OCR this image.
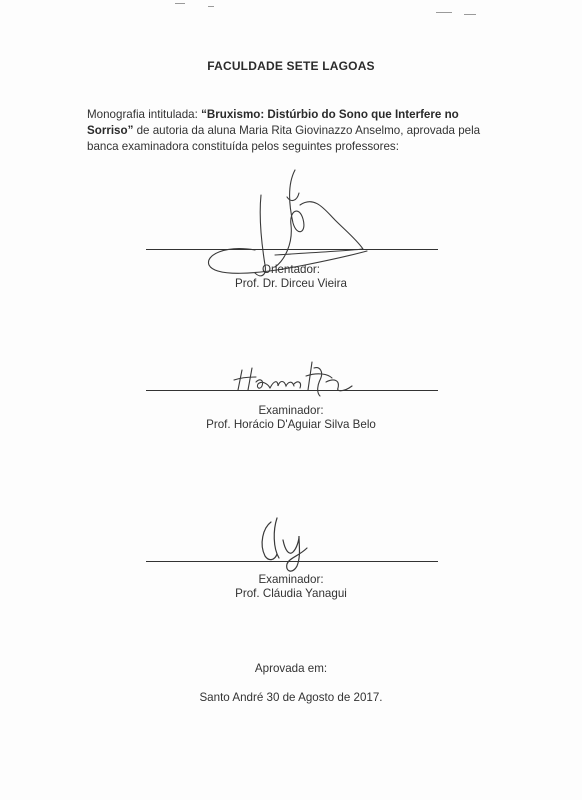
FACULDADE SETE LAGOAS
Monografia intitulada: “Bruxismo: Distúrbio do Sono que Interfere no Sorriso” de autoria da aluna Maria Rita Giovinazzo Anselmo, aprovada pela banca examinadora constituída pelos seguintes professores:
Orientador:
Prof. Dr. Dirceu Vieira
Examinador:
Prof. Horácio D'Aguiar Silva Belo
Examinador:
Prof. Cláudia Yanagui
Aprovada em:
Santo André 30 de Agosto de 2017.
